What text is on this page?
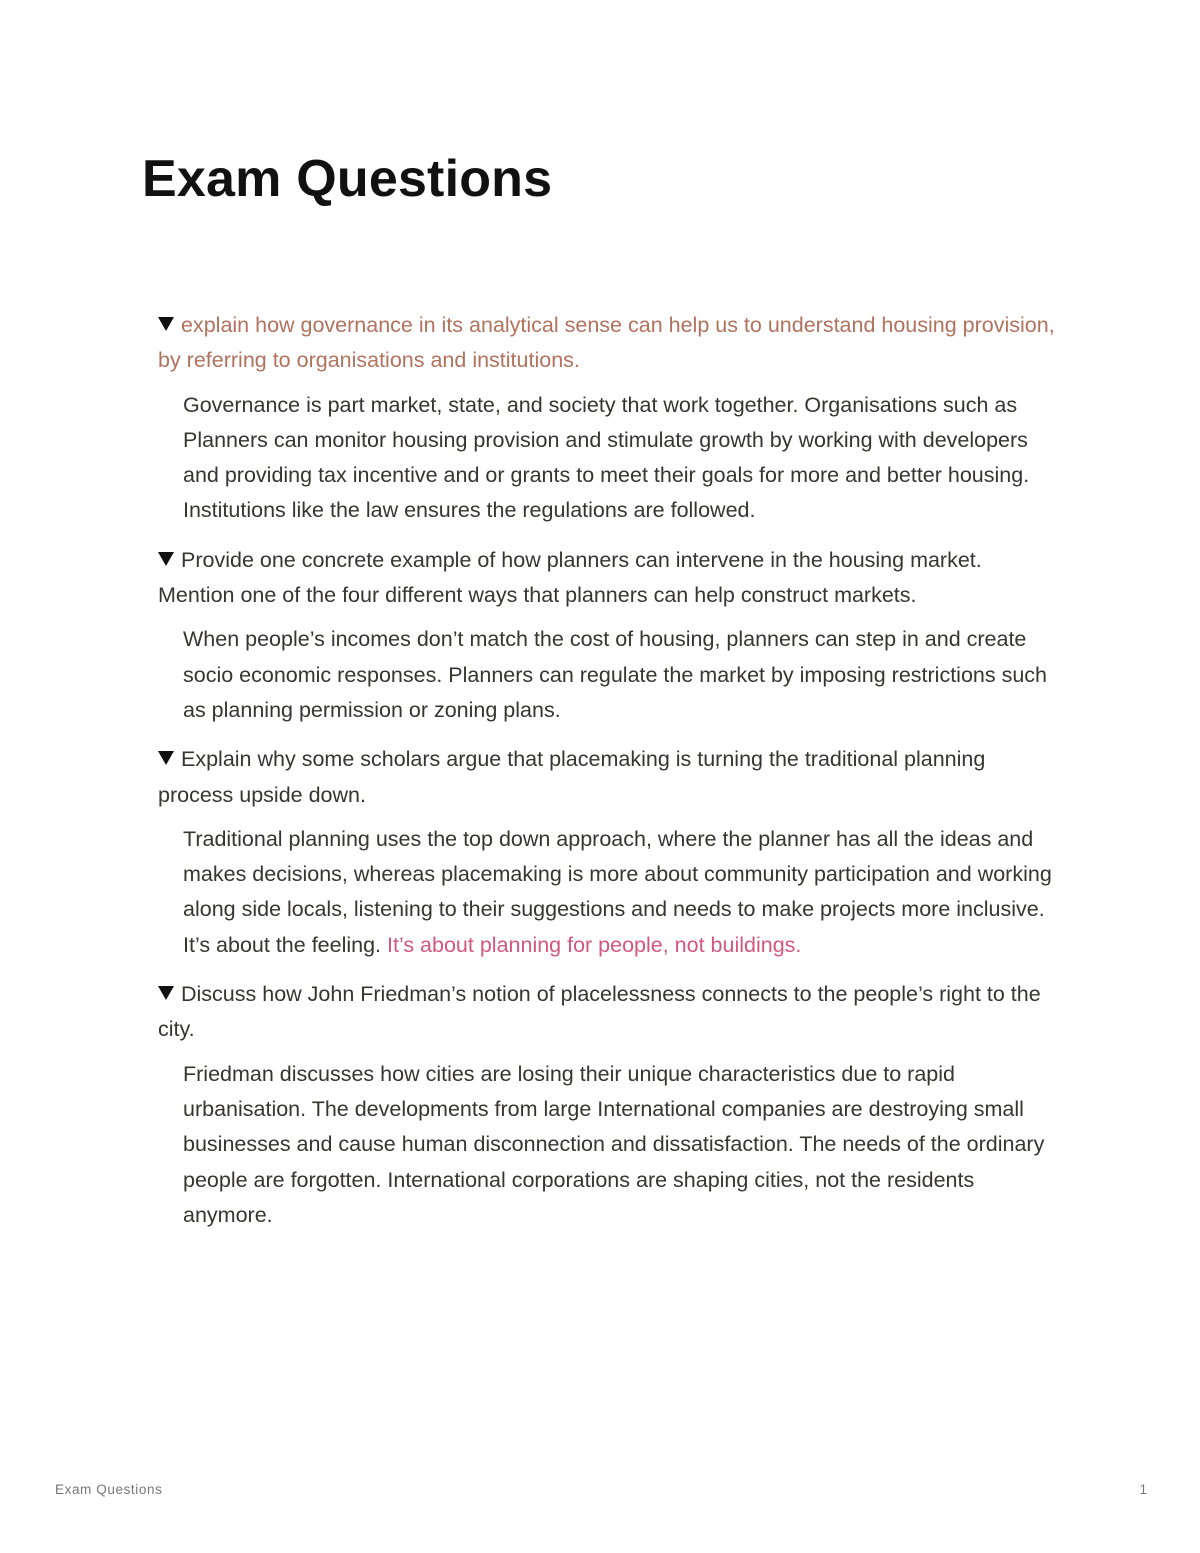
Exam Questions

explain how governance in its analytical sense can help us to understand housing provision, by referring to organisations and institutions.

Governance is part market, state, and society that work together. Organisations such as Planners can monitor housing provision and stimulate growth by working with developers and providing tax incentive and or grants to meet their goals for more and better housing. Institutions like the law ensures the regulations are followed.

Provide one concrete example of how planners can intervene in the housing market. Mention one of the four different ways that planners can help construct markets.

When people’s incomes don’t match the cost of housing, planners can step in and create socio economic responses. Planners can regulate the market by imposing restrictions such as planning permission or zoning plans.

Explain why some scholars argue that placemaking is turning the traditional planning process upside down.

Traditional planning uses the top down approach, where the planner has all the ideas and makes decisions, whereas placemaking is more about community participation and working along side locals, listening to their suggestions and needs to make projects more inclusive. It’s about the feeling. It’s about planning for people, not buildings.

Discuss how John Friedman’s notion of placelessness connects to the people’s right to the city.

Friedman discusses how cities are losing their unique characteristics due to rapid urbanisation. The developments from large International companies are destroying small businesses and cause human disconnection and dissatisfaction. The needs of the ordinary people are forgotten. International corporations are shaping cities, not the residents anymore.
Exam Questions	1
